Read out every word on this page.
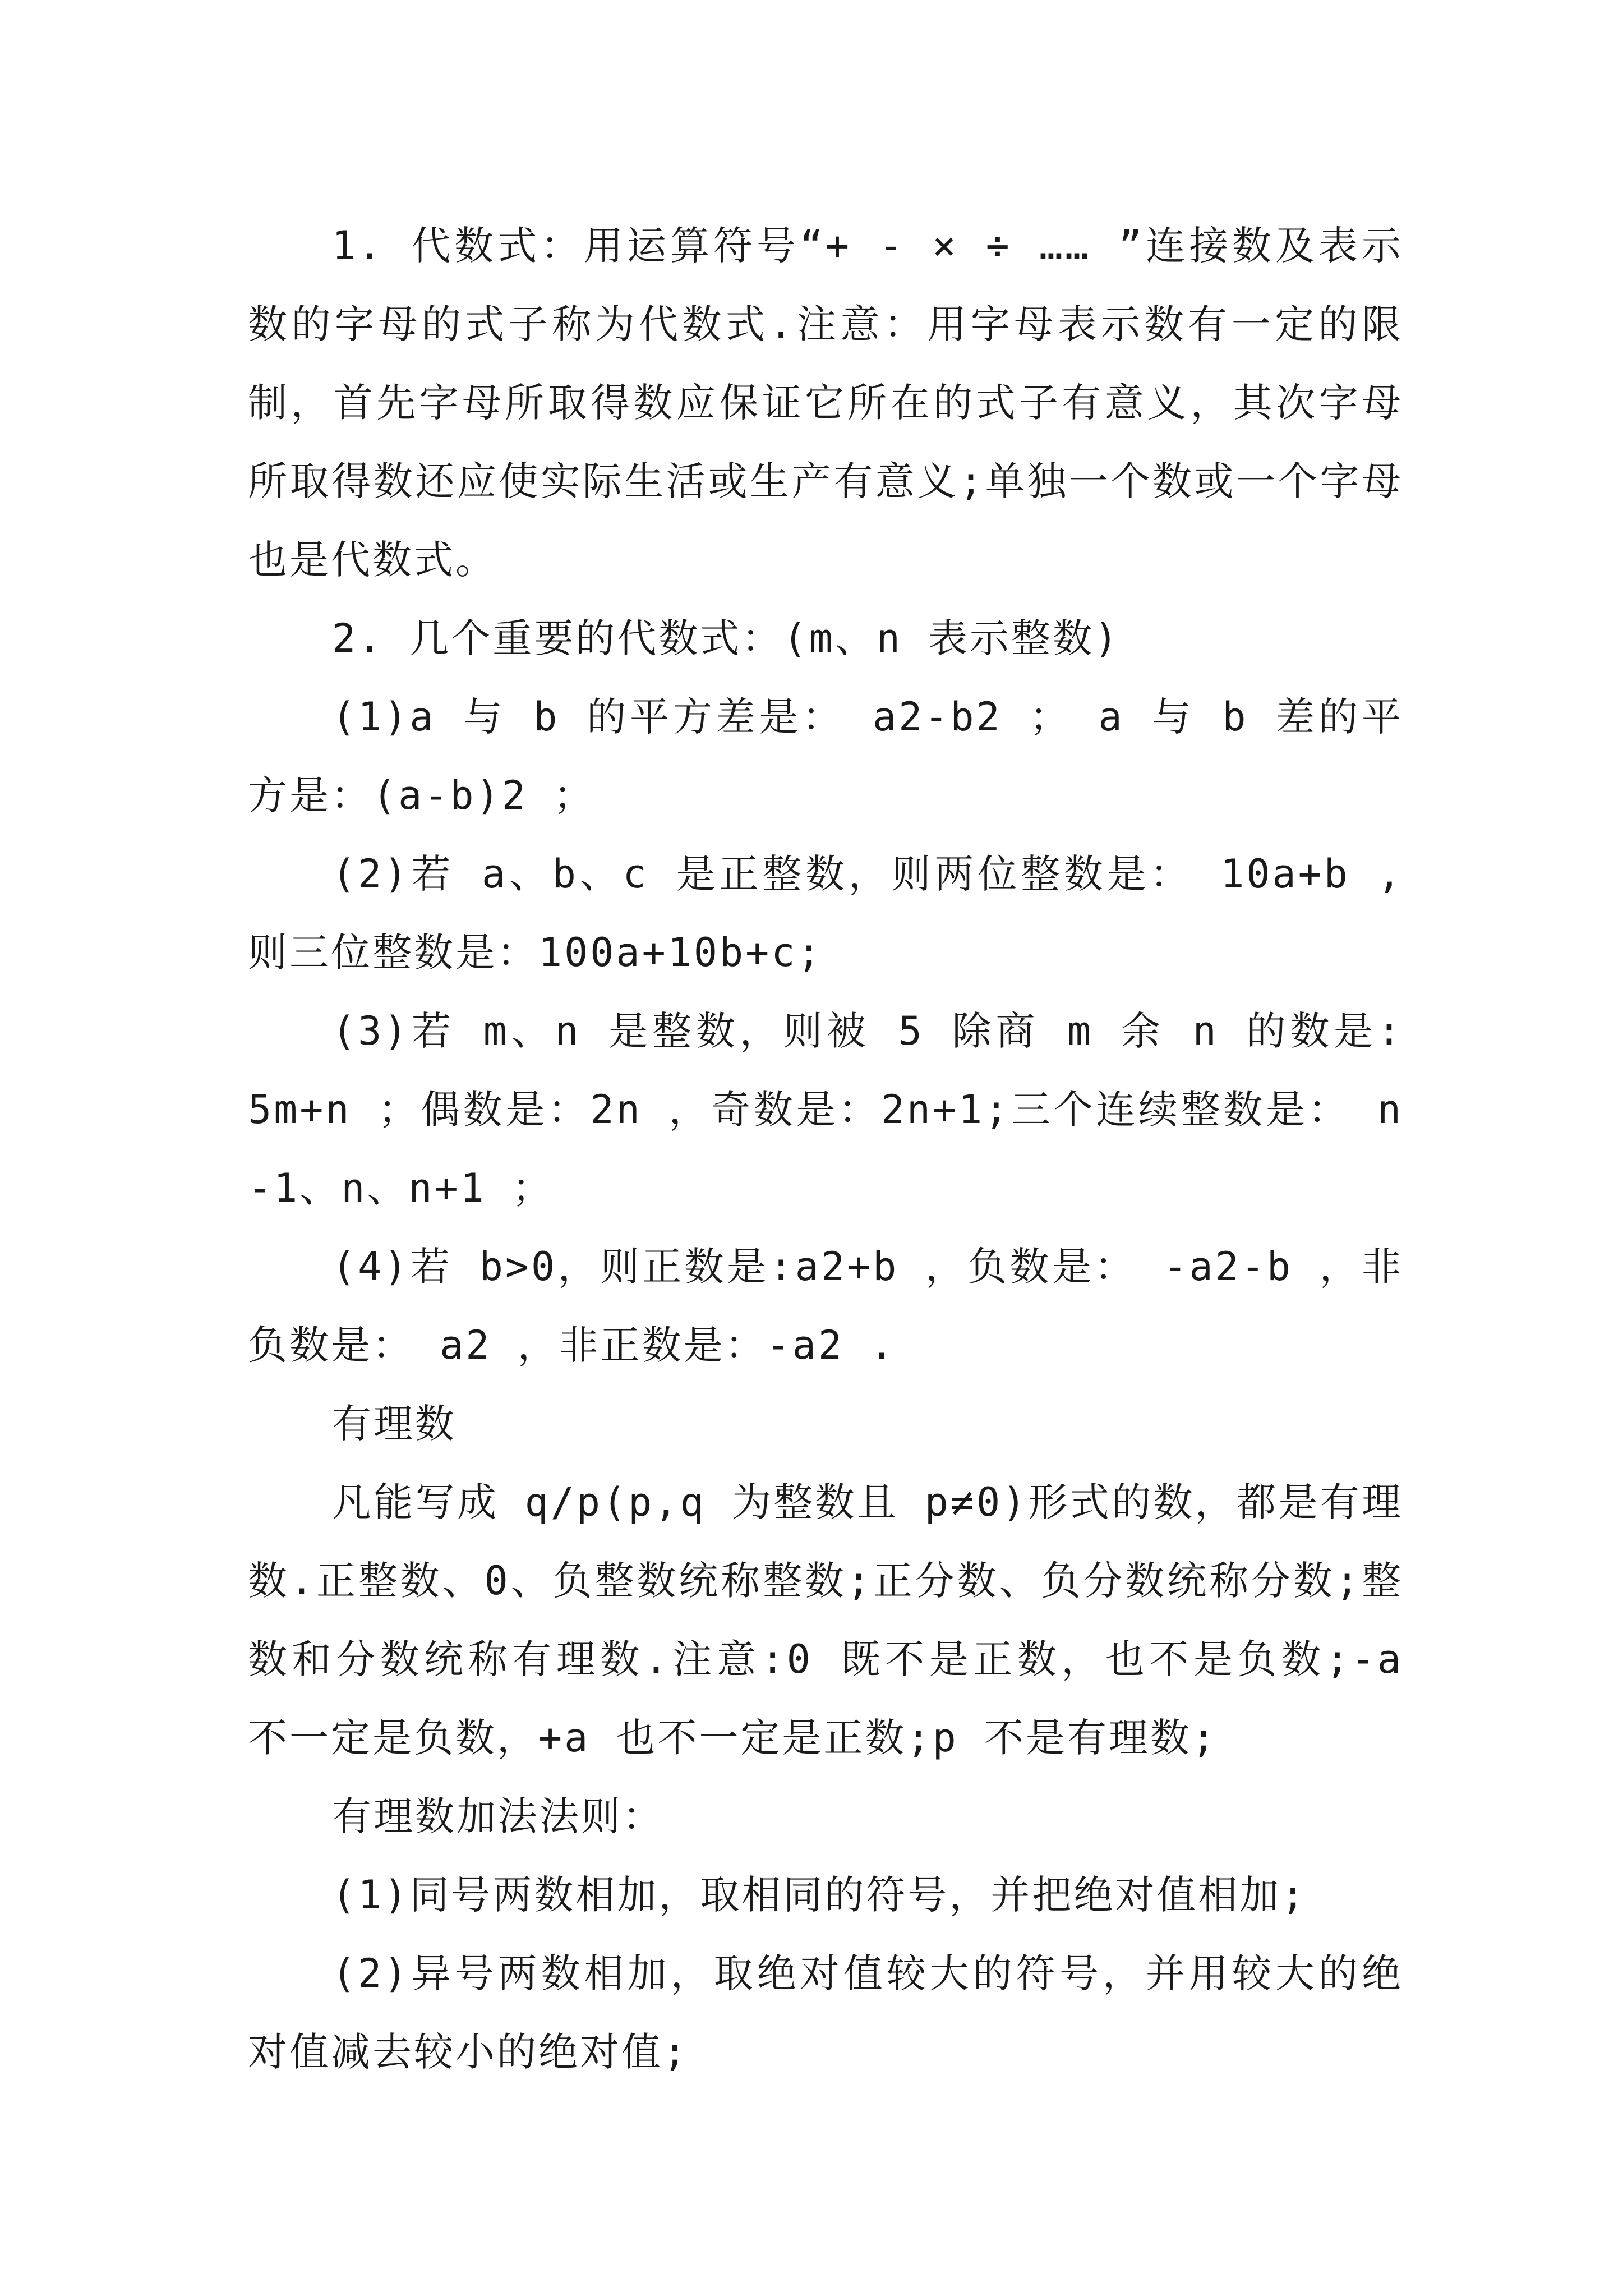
1. 代数式：用运算符号“+ - × ÷ …… ”连接数及表示数的字母的式子称为代数式.注意：用字母表示数有一定的限制，首先字母所取得数应保证它所在的式子有意义，其次字母所取得数还应使实际生活或生产有意义;单独一个数或一个字母也是代数式。

2. 几个重要的代数式：(m、n 表示整数)

(1)a 与 b 的平方差是： a2-b2 ； a 与 b 差的平方是：(a-b)2 ；

(2)若 a、b、c 是正整数，则两位整数是： 10a+b ,则三位整数是：100a+10b+c;

(3)若 m、n 是整数，则被 5 除商 m 余 n 的数是: 5m+n ；偶数是：2n ，奇数是：2n+1;三个连续整数是： n-1、n、n+1 ；

(4)若 b>0，则正数是:a2+b ，负数是： -a2-b ，非负数是： a2 ，非正数是：-a2 .

有理数

凡能写成 q/p(p,q 为整数且 p≠0)形式的数，都是有理数.正整数、0、负整数统称整数;正分数、负分数统称分数;整数和分数统称有理数.注意:0 既不是正数，也不是负数;-a 不一定是负数，+a 也不一定是正数;p 不是有理数;

有理数加法法则：

(1)同号两数相加，取相同的符号，并把绝对值相加;

(2)异号两数相加，取绝对值较大的符号，并用较大的绝对值减去较小的绝对值;
